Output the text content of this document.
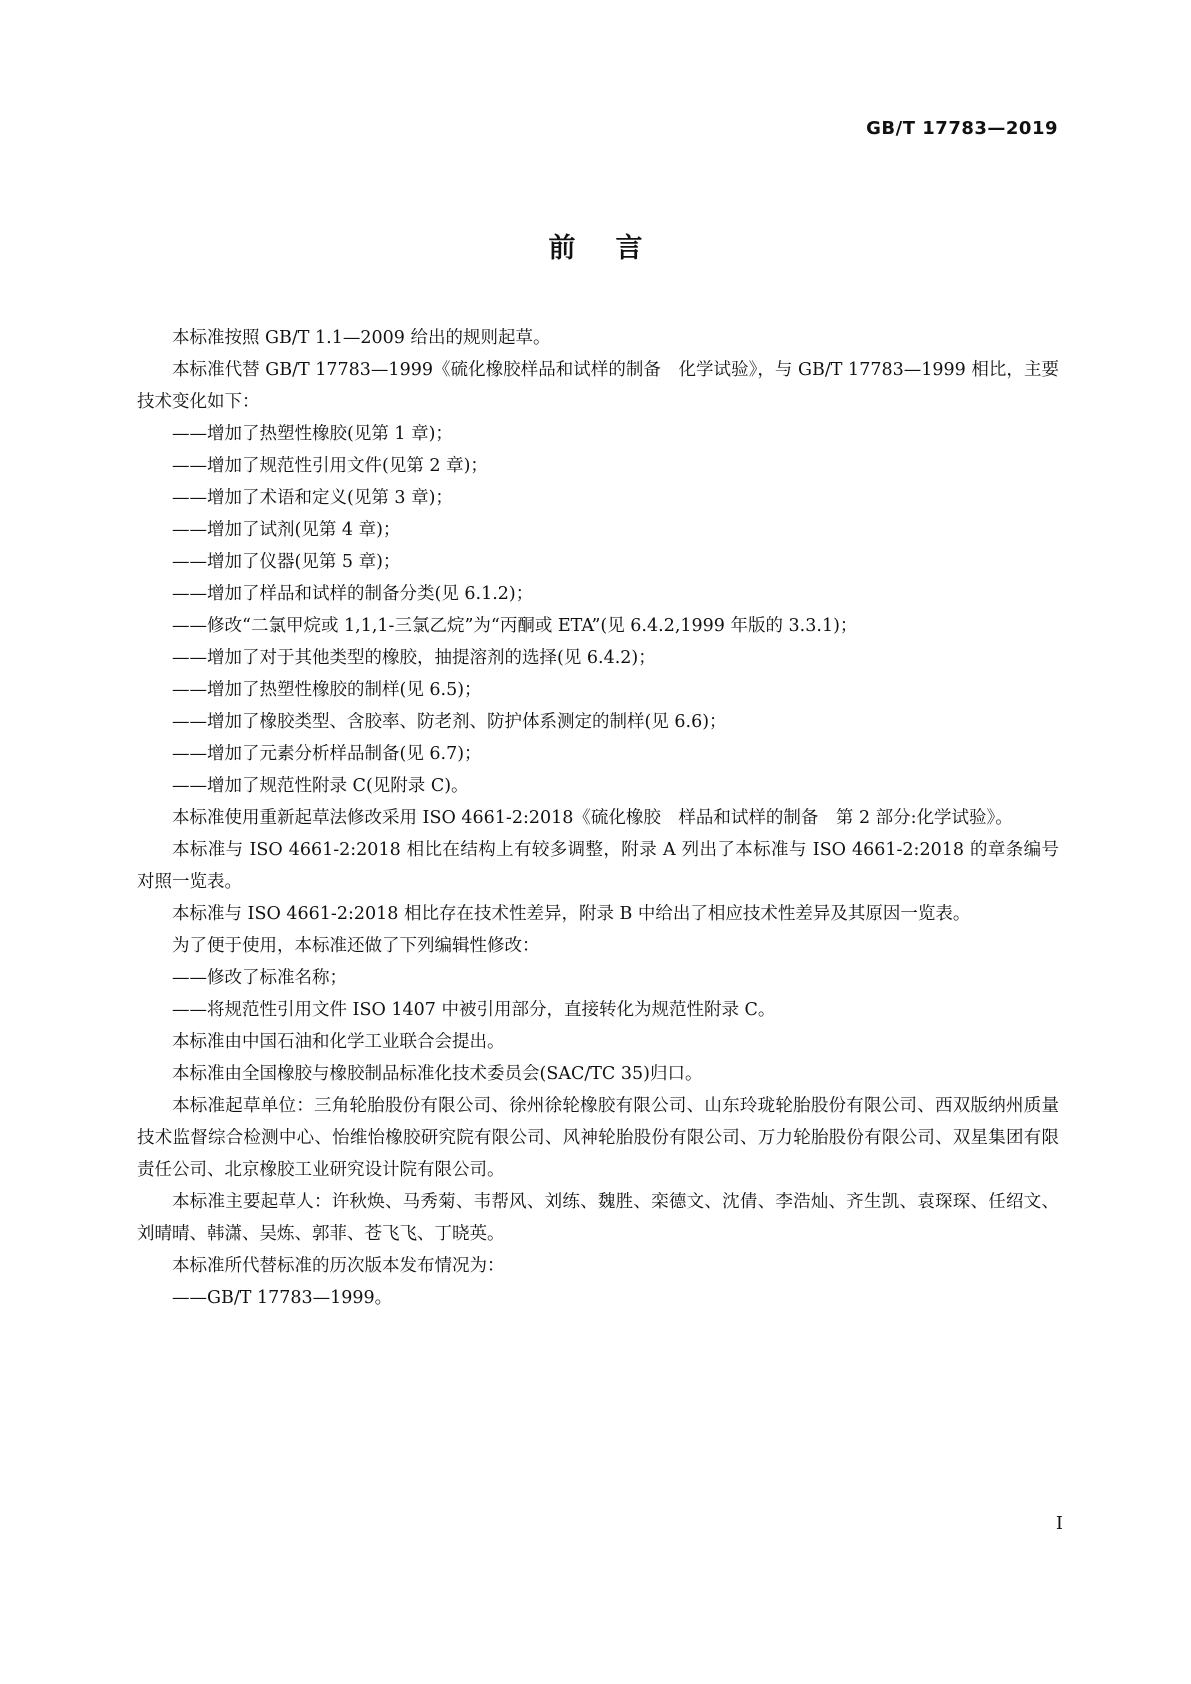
GB/T 17783—2019
前言

本标准按照 GB/T 1.1—2009 给出的规则起草。

本标准代替 GB/T 17783—1999《硫化橡胶样品和试样的制备　化学试验》，与 GB/T 17783—1999 相比，主要技术变化如下：

——增加了热塑性橡胶(见第 1 章)；

——增加了规范性引用文件(见第 2 章)；

——增加了术语和定义(见第 3 章)；

——增加了试剂(见第 4 章)；

——增加了仪器(见第 5 章)；

——增加了样品和试样的制备分类(见 6.1.2)；

——修改“二氯甲烷或 1,1,1-三氯乙烷”为“丙酮或 ETA”(见 6.4.2,1999 年版的 3.3.1)；

——增加了对于其他类型的橡胶，抽提溶剂的选择(见 6.4.2)；

——增加了热塑性橡胶的制样(见 6.5)；

——增加了橡胶类型、含胶率、防老剂、防护体系测定的制样(见 6.6)；

——增加了元素分析样品制备(见 6.7)；

——增加了规范性附录 C(见附录 C)。

本标准使用重新起草法修改采用 ISO 4661-2:2018《硫化橡胶　样品和试样的制备　第 2 部分:化学试验》。

本标准与 ISO 4661-2:2018 相比在结构上有较多调整，附录 A 列出了本标准与 ISO 4661-2:2018 的章条编号对照一览表。

本标准与 ISO 4661-2:2018 相比存在技术性差异，附录 B 中给出了相应技术性差异及其原因一览表。

为了便于使用，本标准还做了下列编辑性修改：

——修改了标准名称；

——将规范性引用文件 ISO 1407 中被引用部分，直接转化为规范性附录 C。

本标准由中国石油和化学工业联合会提出。

本标准由全国橡胶与橡胶制品标准化技术委员会(SAC/TC 35)归口。

本标准起草单位：三角轮胎股份有限公司、徐州徐轮橡胶有限公司、山东玲珑轮胎股份有限公司、西双版纳州质量技术监督综合检测中心、怡维怡橡胶研究院有限公司、风神轮胎股份有限公司、万力轮胎股份有限公司、双星集团有限责任公司、北京橡胶工业研究设计院有限公司。

本标准主要起草人：许秋焕、马秀菊、韦帮风、刘练、魏胜、栾德文、沈倩、李浩灿、齐生凯、袁琛琛、任绍文、刘晴晴、韩潇、吴炼、郭菲、苍飞飞、丁晓英。

本标准所代替标准的历次版本发布情况为：

——GB/T 17783—1999。

I
